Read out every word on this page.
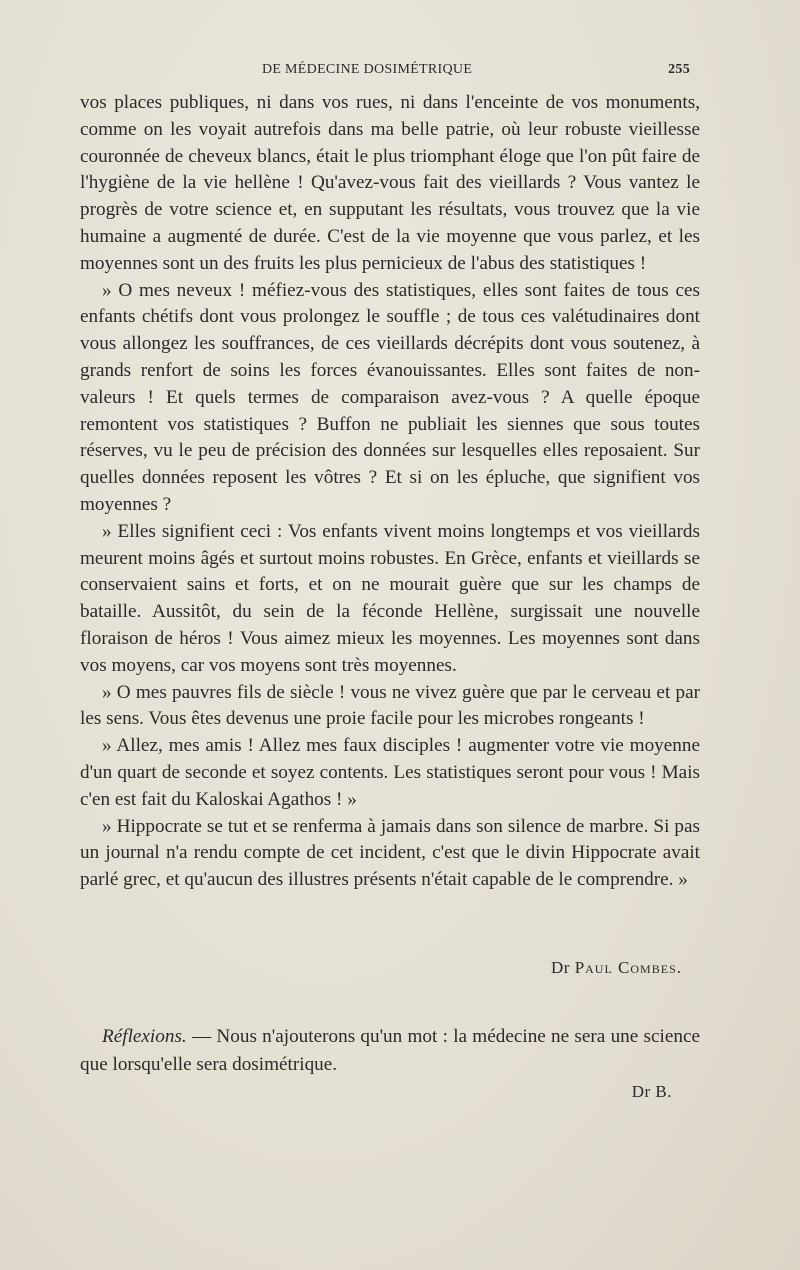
DE MÉDECINE DOSIMÉTRIQUE	255

vos places publiques, ni dans vos rues, ni dans l'enceinte de vos monuments, comme on les voyait autrefois dans ma belle patrie, où leur robuste vieillesse couronnée de cheveux blancs, était le plus triomphant éloge que l'on pût faire de l'hygiène de la vie hellène ! Qu'avez-vous fait des vieillards ? Vous vantez le progrès de votre science et, en supputant les résultats, vous trouvez que la vie humaine a augmenté de durée. C'est de la vie moyenne que vous parlez, et les moyennes sont un des fruits les plus pernicieux de l'abus des statistiques !

» O mes neveux ! méfiez-vous des statistiques, elles sont faites de tous ces enfants chétifs dont vous prolongez le souffle ; de tous ces valétudinaires dont vous allongez les souffrances, de ces vieillards décrépits dont vous soutenez, à grands renfort de soins les forces évanouissantes. Elles sont faites de non-valeurs ! Et quels termes de comparaison avez-vous ? A quelle époque remontent vos statistiques ? Buffon ne publiait les siennes que sous toutes réserves, vu le peu de précision des données sur lesquelles elles reposaient. Sur quelles données reposent les vôtres ? Et si on les épluche, que signifient vos moyennes ?

» Elles signifient ceci : Vos enfants vivent moins longtemps et vos vieillards meurent moins âgés et surtout moins robustes. En Grèce, enfants et vieillards se conservaient sains et forts, et on ne mourait guère que sur les champs de bataille. Aussitôt, du sein de la féconde Hellène, surgissait une nouvelle floraison de héros ! Vous aimez mieux les moyennes. Les moyennes sont dans vos moyens, car vos moyens sont très moyennes.

» O mes pauvres fils de siècle ! vous ne vivez guère que par le cerveau et par les sens. Vous êtes devenus une proie facile pour les microbes rongeants !

» Allez, mes amis ! Allez mes faux disciples ! augmenter votre vie moyenne d'un quart de seconde et soyez contents. Les statistiques seront pour vous ! Mais c'en est fait du Kaloskai Agathos ! »

» Hippocrate se tut et se renferma à jamais dans son silence de marbre. Si pas un journal n'a rendu compte de cet incident, c'est que le divin Hippocrate avait parlé grec, et qu'aucun des illustres présents n'était capable de le comprendre. »

Dr Paul Combes.

Réflexions. — Nous n'ajouterons qu'un mot : la médecine ne sera une science que lorsqu'elle sera dosimétrique.

Dr B.
